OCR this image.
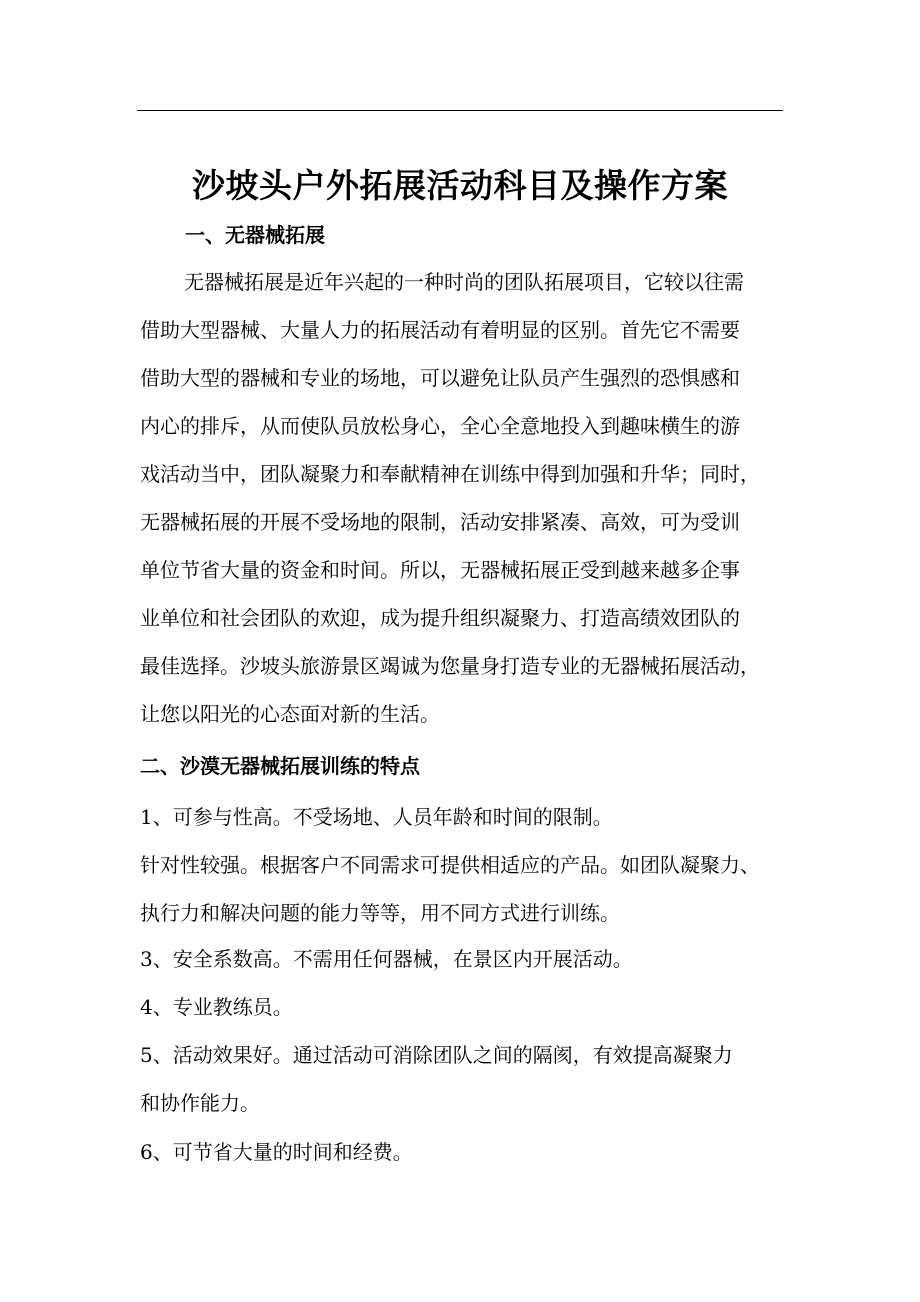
沙坡头户外拓展活动科目及操作方案
一、无器械拓展
无器械拓展是近年兴起的一种时尚的团队拓展项目，它较以往需
借助大型器械、大量人力的拓展活动有着明显的区别。首先它不需要
借助大型的器械和专业的场地，可以避免让队员产生强烈的恐惧感和
内心的排斥，从而使队员放松身心，全心全意地投入到趣味横生的游
戏活动当中，团队凝聚力和奉献精神在训练中得到加强和升华；同时，
无器械拓展的开展不受场地的限制，活动安排紧凑、高效，可为受训
单位节省大量的资金和时间。所以，无器械拓展正受到越来越多企事
业单位和社会团队的欢迎，成为提升组织凝聚力、打造高绩效团队的
最佳选择。沙坡头旅游景区竭诚为您量身打造专业的无器械拓展活动，
让您以阳光的心态面对新的生活。
二、沙漠无器械拓展训练的特点
1、可参与性高。不受场地、人员年龄和时间的限制。
针对性较强。根据客户不同需求可提供相适应的产品。如团队凝聚力、
执行力和解决问题的能力等等，用不同方式进行训练。
3、安全系数高。不需用任何器械，在景区内开展活动。
4、专业教练员。
5、活动效果好。通过活动可消除团队之间的隔阂，有效提高凝聚力
和协作能力。
6、可节省大量的时间和经费。
